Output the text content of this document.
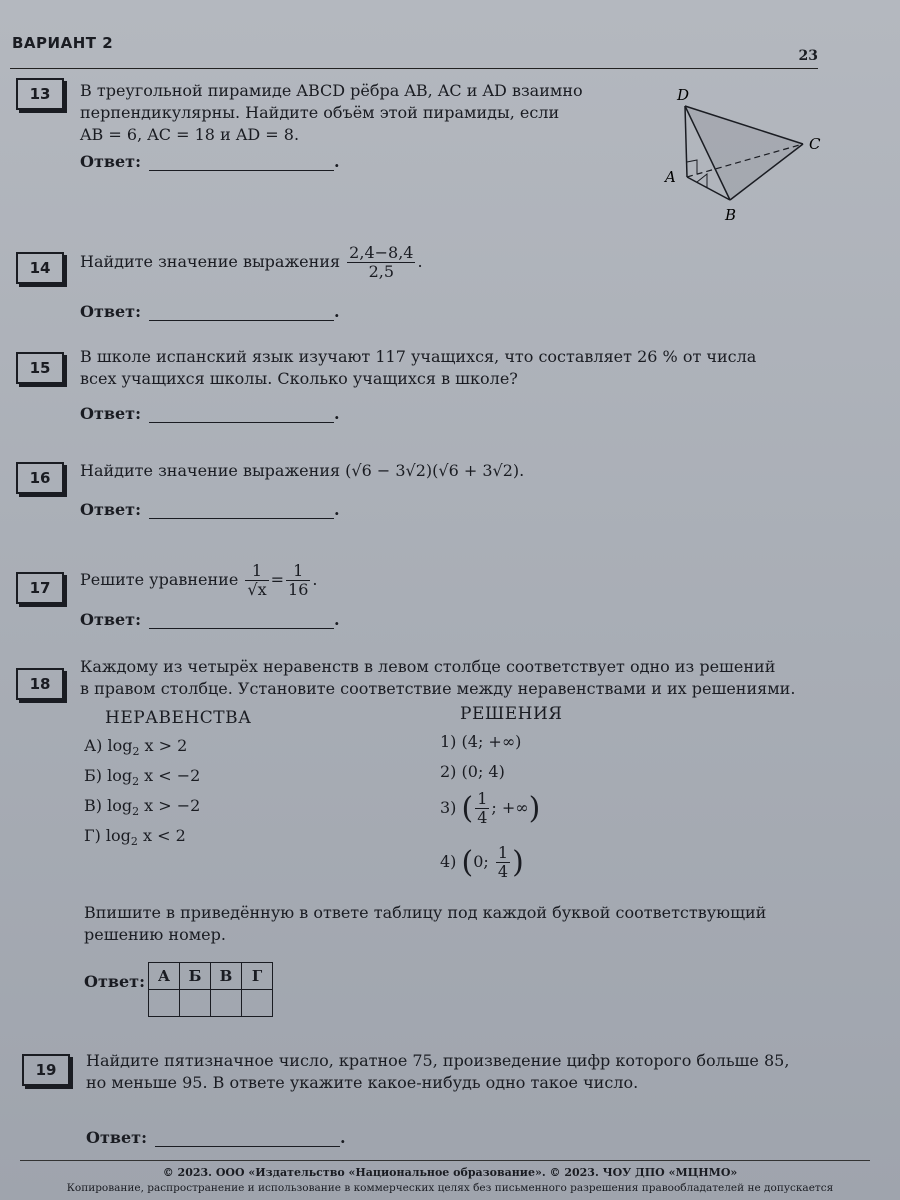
ВАРИАНТ 2
23
13	В треугольной пирамиде ABCD рёбра AB, AC и AD взаимно
перпендикулярны. Найдите объём этой пирамиды, если
AB = 6, AC = 18 и AD = 8.
Ответ:	.
D
C
A
B
14	Найдите значение выражения $\frac{2,4-8,4}{2,5}$ .
Ответ:	.
15
В школе испанский язык изучают 117 учащихся, что составляет 26 % от числа
всех учащихся школы. Сколько учащихся в школе?
Ответ:	.
16	Найдите значение выражения (√6 − 3√2)(√6 + 3√2).
Ответ:	.
17	Решите уравнение $\frac{1}{√x} = \frac{1}{16}$ .
Ответ:	.
18
Каждому из четырёх неравенств в левом столбце соответствует одно из решений
в правом столбце. Установите соответствие между неравенствами и их решениями.
НЕРАВЕНСТВА	РЕШЕНИЯ
А) $\log_2 x > 2$
Б) $\log_2 x < -2$
В) $\log_2 x > -2$
Г) $\log_2 x < 2$
1) (4; +∞)
2) (0; 4)
3) ( $\frac{1}{4}$ ; +∞)
4) (0; $\frac{1}{4}$ )
Впишите в приведённую в ответе таблицу под каждой буквой соответствующий
решению номер.
Ответ: А	Б	В	Г

19	Найдите пятизначное число, кратное 75, произведение цифр которого больше 85,
но меньше 95. В ответе укажите какое-нибудь одно такое число.
Ответ:	.
© 2023. ООО «Издательство «Национальное образование». © 2023. ЧОУ ДПО «МЦНМО»
Копирование, распространение и использование в коммерческих целях без письменного разрешения правообладателей не допускается
